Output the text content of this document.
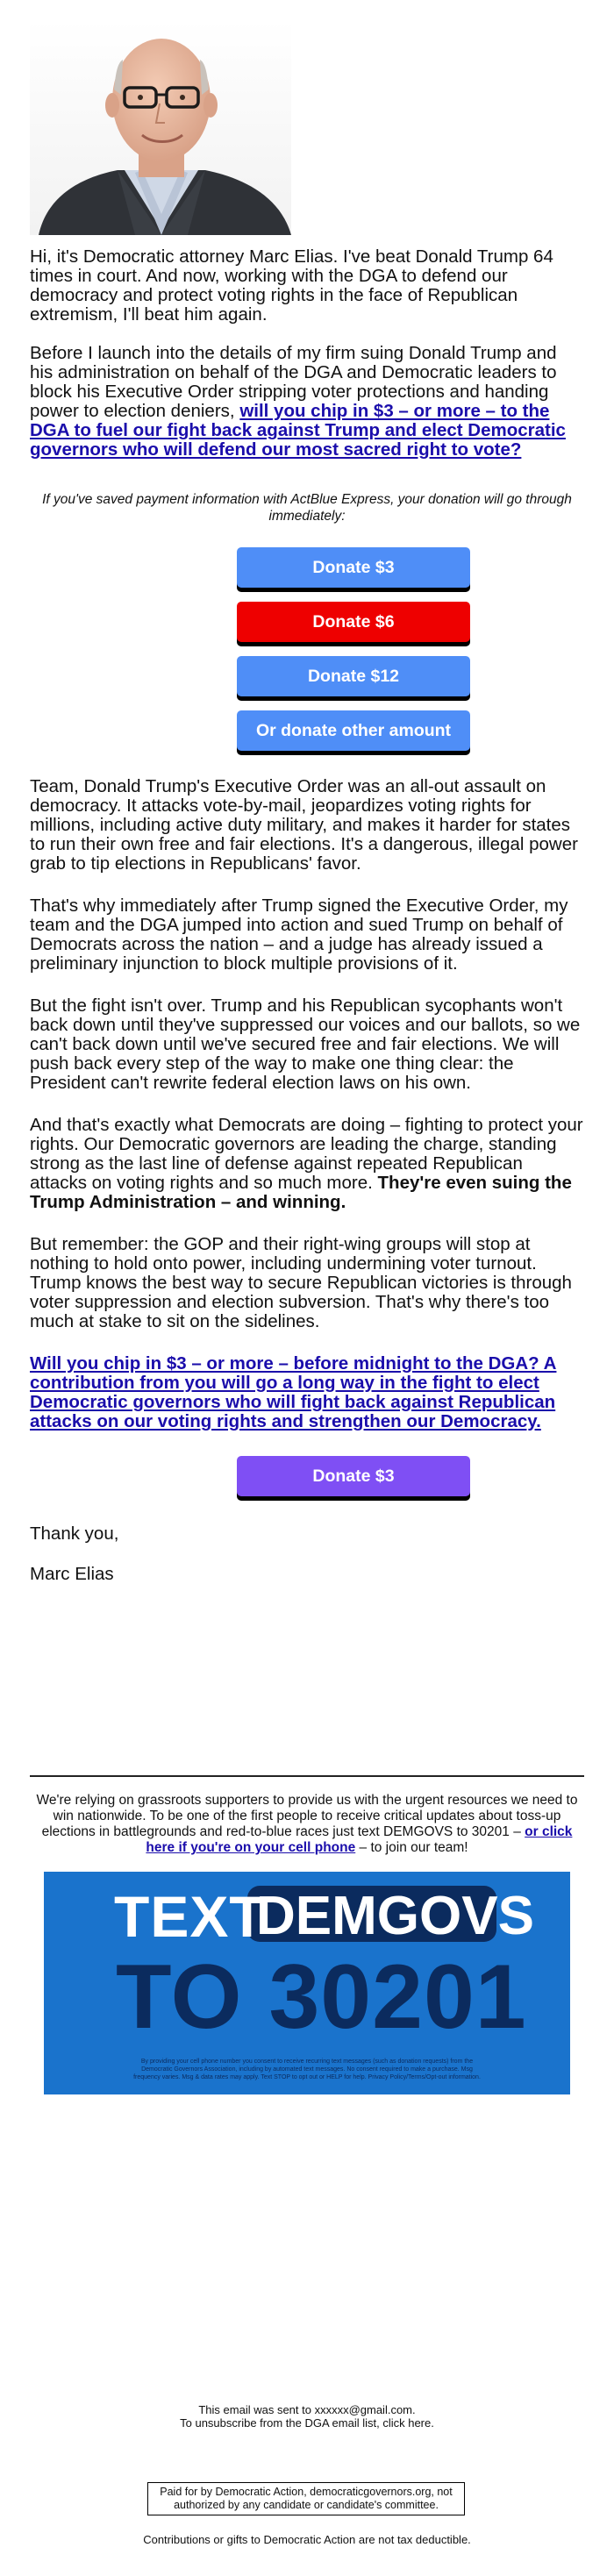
Hi, it's Democratic attorney Marc Elias. I've beat Donald Trump 64 times in court. And now, working with the DGA to defend our democracy and protect voting rights in the face of Republican extremism, I'll beat him again.

Before I launch into the details of my firm suing Donald Trump and his administration on behalf of the DGA and Democratic leaders to block his Executive Order stripping voter protections and handing power to election deniers, will you chip in $3 – or more – to the DGA to fuel our fight back against Trump and elect Democratic governors who will defend our most sacred right to vote?

If you've saved payment information with ActBlue Express, your donation will go through immediately:

Donate $3
Donate $6
Donate $12
Or donate other amount

Team, Donald Trump's Executive Order was an all-out assault on democracy. It attacks vote-by-mail, jeopardizes voting rights for millions, including active duty military, and makes it harder for states to run their own free and fair elections. It's a dangerous, illegal power grab to tip elections in Republicans' favor.

That's why immediately after Trump signed the Executive Order, my team and the DGA jumped into action and sued Trump on behalf of Democrats across the nation – and a judge has already issued a preliminary injunction to block multiple provisions of it.

But the fight isn't over. Trump and his Republican sycophants won't back down until they've suppressed our voices and our ballots, so we can't back down until we've secured free and fair elections. We will push back every step of the way to make one thing clear: the President can't rewrite federal election laws on his own.

And that's exactly what Democrats are doing – fighting to protect your rights. Our Democratic governors are leading the charge, standing strong as the last line of defense against repeated Republican attacks on voting rights and so much more. They're even suing the Trump Administration – and winning.

But remember: the GOP and their right-wing groups will stop at nothing to hold onto power, including undermining voter turnout. Trump knows the best way to secure Republican victories is through voter suppression and election subversion. That's why there's too much at stake to sit on the sidelines.

Will you chip in $3 – or more – before midnight to the DGA? A contribution from you will go a long way in the fight to elect Democratic governors who will fight back against Republican attacks on our voting rights and strengthen our Democracy.

Donate $3

Thank you,

Marc Elias

We're relying on grassroots supporters to provide us with the urgent resources we need to win nationwide. To be one of the first people to receive critical updates about toss-up elections in battlegrounds and red-to-blue races just text DEMGOVS to 30201 – or click here if you're on your cell phone – to join our team!

TEXT
DEMGOVS
TO 30201
By providing your cell phone number you consent to receive recurring text messages (such as donation requests) from the Democratic Governors Association, including by automated text messages. No consent required to make a purchase. Msg frequency varies. Msg & data rates may apply. Text STOP to opt out or HELP for help. Privacy Policy/Terms/Opt-out information.

This email was sent to xxxxxx@gmail.com.

To unsubscribe from the DGA email list, click here.

Paid for by Democratic Action, democraticgovernors.org, not authorized by any candidate or candidate's committee.

Contributions or gifts to Democratic Action are not tax deductible.
